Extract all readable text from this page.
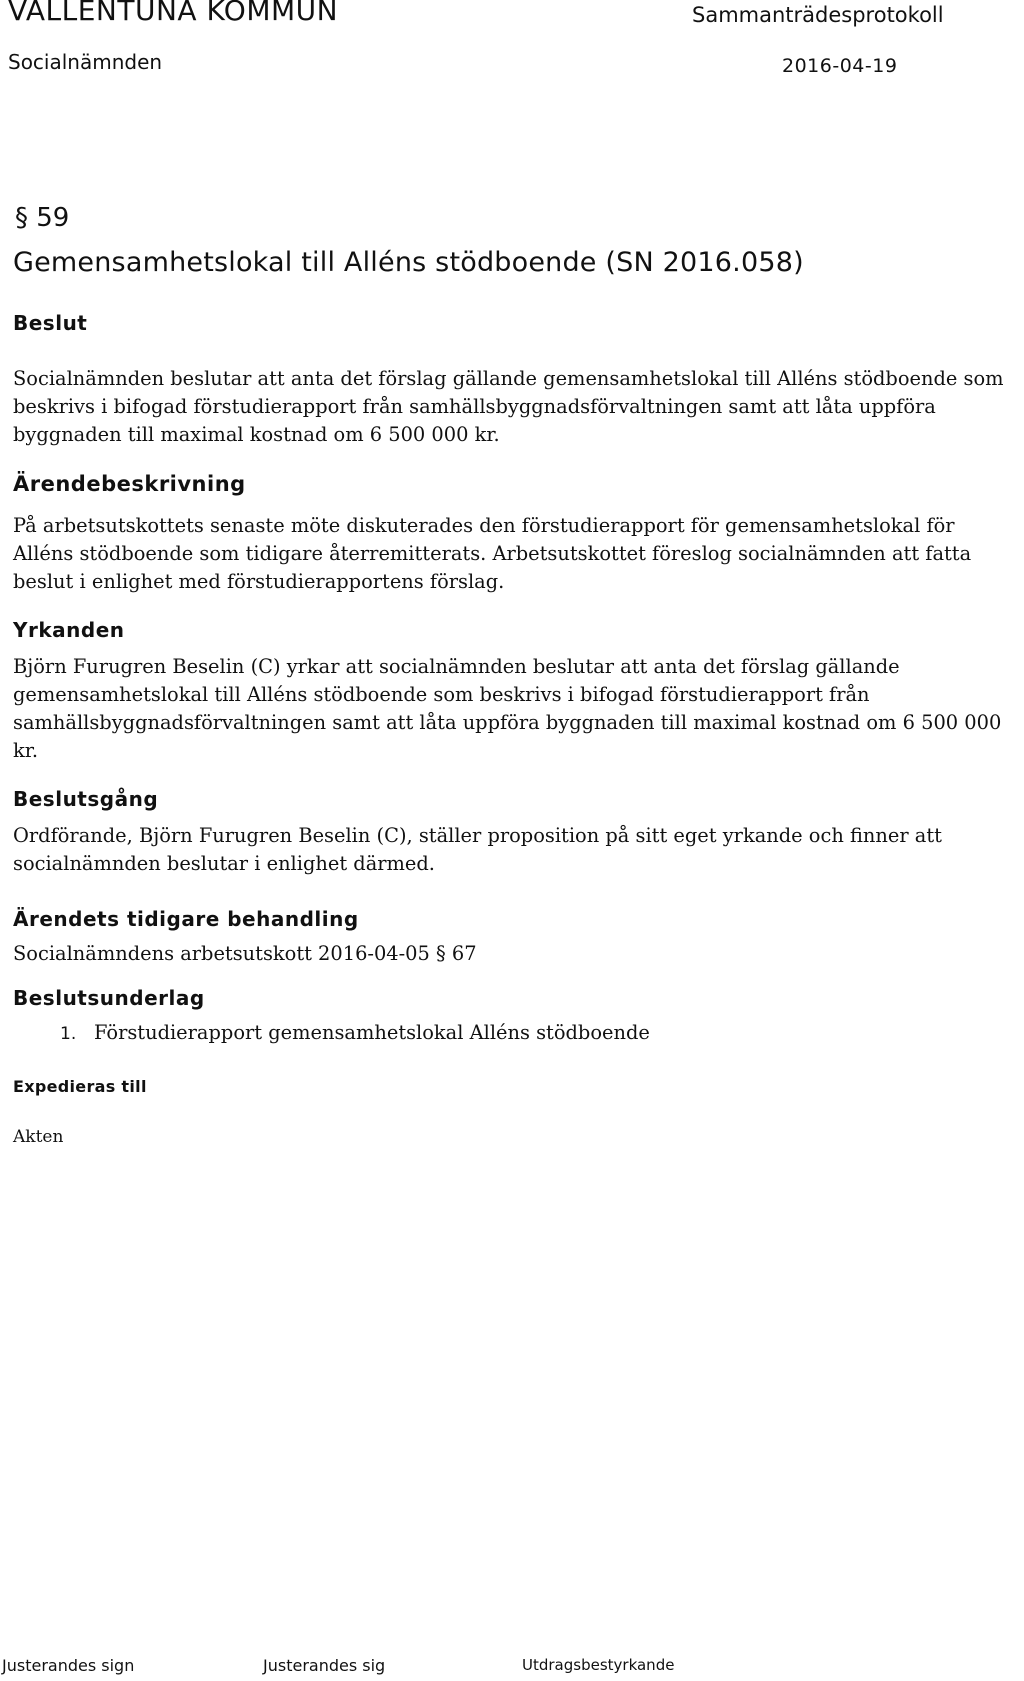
VALLENTUNA KOMMUN	Sammanträdesprotokoll
Socialnämnden	2016-04-19
§ 59
Gemensamhetslokal till Alléns stödboende (SN 2016.058)
Beslut
Socialnämnden beslutar att anta det förslag gällande gemensamhetslokal till Alléns stödboende som beskrivs i bifogad förstudierapport från samhällsbyggnadsförvaltningen samt att låta uppföra byggnaden till maximal kostnad om 6 500 000 kr.
Ärendebeskrivning
På arbetsutskottets senaste möte diskuterades den förstudierapport för gemensamhetslokal för Alléns stödboende som tidigare återremitterats. Arbetsutskottet föreslog socialnämnden att fatta beslut i enlighet med förstudierapportens förslag.
Yrkanden
Björn Furugren Beselin (C) yrkar att socialnämnden beslutar att anta det förslag gällande gemensamhetslokal till Alléns stödboende som beskrivs i bifogad förstudierapport från samhällsbyggnadsförvaltningen samt att låta uppföra byggnaden till maximal kostnad om 6 500 000 kr.
Beslutsgång
Ordförande, Björn Furugren Beselin (C), ställer proposition på sitt eget yrkande och finner att socialnämnden beslutar i enlighet därmed.
Ärendets tidigare behandling
Socialnämndens arbetsutskott 2016-04-05 § 67
Beslutsunderlag
1. Förstudierapport gemensamhetslokal Alléns stödboende
Expedieras till
Akten
Justerandes sign	Justerandes sig	Utdragsbestyrkande
